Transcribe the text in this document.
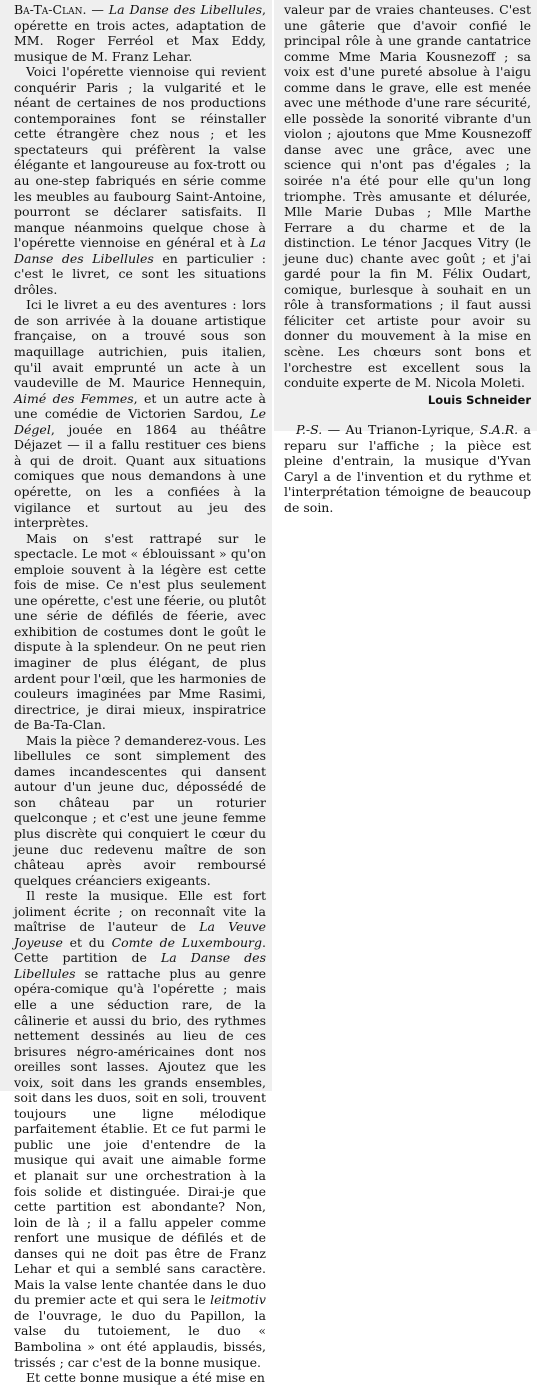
Ba-Ta-Clan. — La Danse des Libellules, opérette en trois actes, adaptation de MM. Roger Ferréol et Max Eddy, musique de M. Franz Lehar.

Voici l'opérette viennoise qui revient conquérir Paris ; la vulgarité et le néant de certaines de nos productions contemporaines font se réinstaller cette étrangère chez nous ; et les spectateurs qui préfèrent la valse élégante et langoureuse au fox-trott ou au one-step fabriqués en série comme les meubles au faubourg Saint-Antoine, pourront se déclarer satisfaits. Il manque néanmoins quelque chose à l'opérette viennoise en général et à La Danse des Libellules en particulier : c'est le livret, ce sont les situations drôles.

Ici le livret a eu des aventures : lors de son arrivée à la douane artistique française, on a trouvé sous son maquillage autrichien, puis italien, qu'il avait emprunté un acte à un vaudeville de M. Maurice Hennequin, Aimé des Femmes, et un autre acte à une comédie de Victorien Sardou, Le Dégel, jouée en 1864 au théâtre Déjazet — il a fallu restituer ces biens à qui de droit. Quant aux situations comiques que nous demandons à une opérette, on les a confiées à la vigilance et surtout au jeu des interprètes.

Mais on s'est rattrapé sur le spectacle. Le mot « éblouissant » qu'on emploie souvent à la légère est cette fois de mise. Ce n'est plus seulement une opérette, c'est une féerie, ou plutôt une série de défilés de féerie, avec exhibition de costumes dont le goût le dispute à la splendeur. On ne peut rien imaginer de plus élégant, de plus ardent pour l'œil, que les harmonies de couleurs imaginées par Mme Rasimi, directrice, je dirai mieux, inspiratrice de Ba-Ta-Clan.

Mais la pièce ? demanderez-vous. Les libellules ce sont simplement des dames incandescentes qui dansent autour d'un jeune duc, dépossédé de son château par un roturier quelconque ; et c'est une jeune femme plus discrète qui conquiert le cœur du jeune duc redevenu maître de son château après avoir remboursé quelques créanciers exigeants.

Il reste la musique. Elle est fort joliment écrite ; on reconnaît vite la maîtrise de l'auteur de La Veuve Joyeuse et du Comte de Luxembourg. Cette partition de La Danse des Libellules se rattache plus au genre opéra-comique qu'à l'opérette ; mais elle a une séduction rare, de la câlinerie et aussi du brio, des rythmes nettement dessinés au lieu de ces brisures négro-américaines dont nos oreilles sont lasses. Ajoutez que les voix, soit dans les grands ensembles, soit dans les duos, soit en soli, trouvent toujours une ligne mélodique parfaitement établie. Et ce fut parmi le public une joie d'entendre de la musique qui avait une aimable forme et planait sur une orchestration à la fois solide et distinguée. Dirai-je que cette partition est abondante? Non, loin de là ; il a fallu appeler comme renfort une musique de défilés et de danses qui ne doit pas être de Franz Lehar et qui a semblé sans caractère. Mais la valse lente chantée dans le duo du premier acte et qui sera le leitmotiv de l'ouvrage, le duo du Papillon, la valse du tutoiement, le duo « Bambolina » ont été applaudis, bissés, trissés ; car c'est de la bonne musique.

Et cette bonne musique a été mise en

valeur par de vraies chanteuses. C'est une gâterie que d'avoir confié le principal rôle à une grande cantatrice comme Mme Maria Kousnezoff ; sa voix est d'une pureté absolue à l'aigu comme dans le grave, elle est menée avec une méthode d'une rare sécurité, elle possède la sonorité vibrante d'un violon ; ajoutons que Mme Kousnezoff danse avec une grâce, avec une science qui n'ont pas d'égales ; la soirée n'a été pour elle qu'un long triomphe. Très amusante et délurée, Mlle Marie Dubas ; Mlle Marthe Ferrare a du charme et de la distinction. Le ténor Jacques Vitry (le jeune duc) chante avec goût ; et j'ai gardé pour la fin M. Félix Oudart, comique, burlesque à souhait en un rôle à transformations ; il faut aussi féliciter cet artiste pour avoir su donner du mouvement à la mise en scène. Les chœurs sont bons et l'orchestre est excellent sous la conduite experte de M. Nicola Moleti.

Louis Schneider

P.-S. — Au Trianon-Lyrique, S.A.R. a reparu sur l'affiche ; la pièce est pleine d'entrain, la musique d'Yvan Caryl a de l'invention et du rythme et l'interprétation témoigne de beaucoup de soin.
